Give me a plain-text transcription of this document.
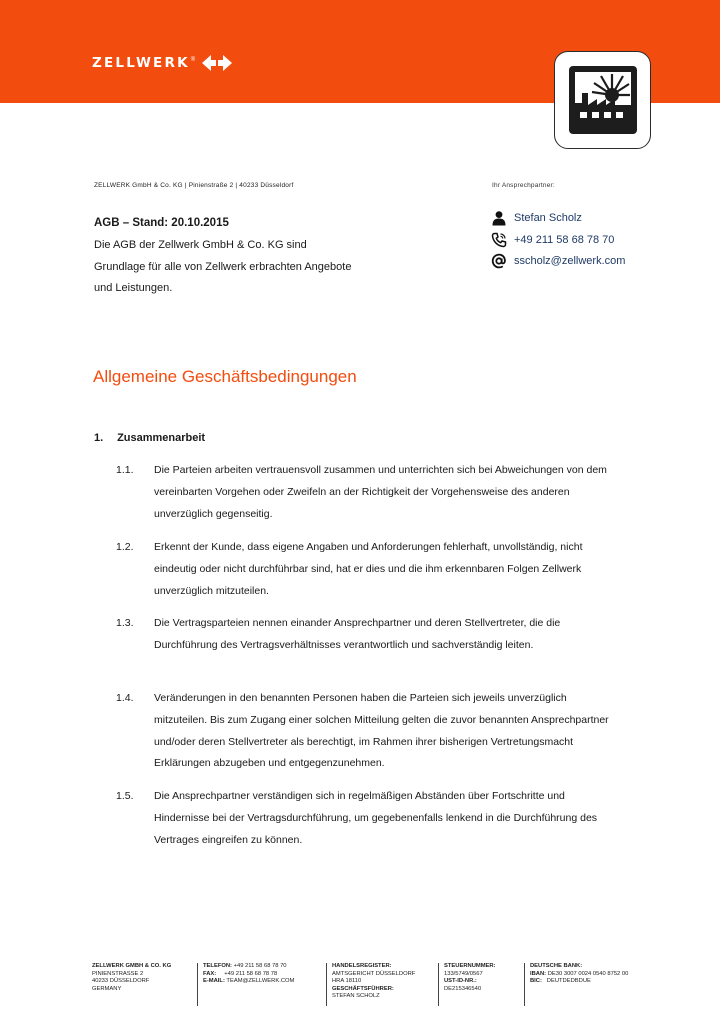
ZELLWERK ®
ZELLWERK GmbH & Co. KG | Pinienstraße 2 | 40233 Düsseldorf	Ihr Ansprechpartner:
AGB – Stand: 20.10.2015
Die AGB der Zellwerk GmbH & Co. KG sind Grundlage für alle von Zellwerk erbrachten Angebote und Leistungen.
Stefan Scholz
+49 211 58 68 78 70
sscholz@zellwerk.com
Allgemeine Geschäftsbedingungen
1. Zusammenarbeit
1.1.	Die Parteien arbeiten vertrauensvoll zusammen und unterrichten sich bei Abweichungen von dem vereinbarten Vorgehen oder Zweifeln an der Richtigkeit der Vorgehensweise des anderen unverzüglich gegenseitig.
1.2.	Erkennt der Kunde, dass eigene Angaben und Anforderungen fehlerhaft, unvollständig, nicht eindeutig oder nicht durchführbar sind, hat er dies und die ihm erkennbaren Folgen Zellwerk unverzüglich mitzuteilen.
1.3.	Die Vertragsparteien nennen einander Ansprechpartner und deren Stellvertreter, die die Durchführung des Vertragsverhältnisses verantwortlich und sachverständig leiten.
1.4.	Veränderungen in den benannten Personen haben die Parteien sich jeweils unverzüglich mitzuteilen. Bis zum Zugang einer solchen Mitteilung gelten die zuvor benannten Ansprechpartner und/oder deren Stellvertreter als berechtigt, im Rahmen ihrer bisherigen Vertretungsmacht Erklärungen abzugeben und entgegenzunehmen.
1.5.	Die Ansprechpartner verständigen sich in regelmäßigen Abständen über Fortschritte und Hindernisse bei der Vertragsdurchführung, um gegebenenfalls lenkend in die Durchführung des Vertrages eingreifen zu können.
ZELLWERK GMBH & CO. KG
PINIENSTRASSE 2
40233 DÜSSELDORF
GERMANY
TELEFON: +49 211 58 68 78 70
FAX: +49 211 58 68 78 78
E-MAIL: TEAM@ZELLWERK.COM
HANDELSREGISTER:
AMTSGERICHT DÜSSELDORF
HRA 18110
GESCHÄFTSFÜHRER:
STEFAN SCHOLZ
STEUERNUMMER:
133/5749/0567
UST-ID-NR.:
DE215346540
DEUTSCHE BANK:
IBAN: DE30 3007 0024 0540 8752 00
BIC: DEUTDEDBDUE
